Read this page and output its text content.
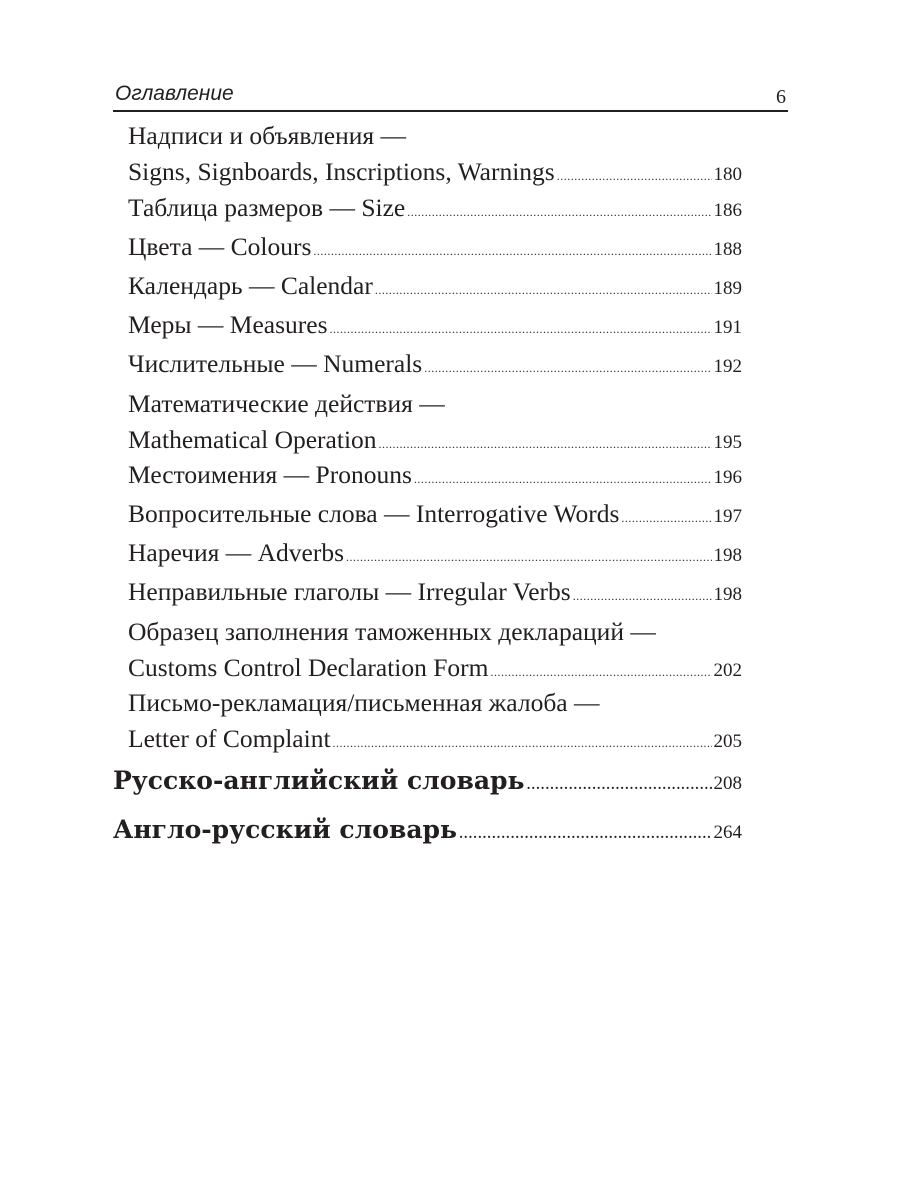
Оглавление	6
Надписи и объявления —
Signs, Signboards, Inscriptions, Warnings .....	180
Таблица размеров — Size .....	186
Цвета — Colours .....	188
Календарь — Calendar .....	189
Меры — Measures .....	191
Числительные — Numerals .....	192
Математические действия —
Mathematical Operation .....	195
Местоимения — Pronouns .....	196
Вопросительные слова — Interrogative Words .....	197
Наречия — Adverbs .....	198
Неправильные глаголы — Irregular Verbs .....	198
Образец заполнения таможенных деклараций —
Customs Control Declaration Form .....	202
Письмо-рекламация/письменная жалоба —
Letter of Complaint .....	205
Русско-английский словарь .....	208
Англо-русский словарь .....	264
